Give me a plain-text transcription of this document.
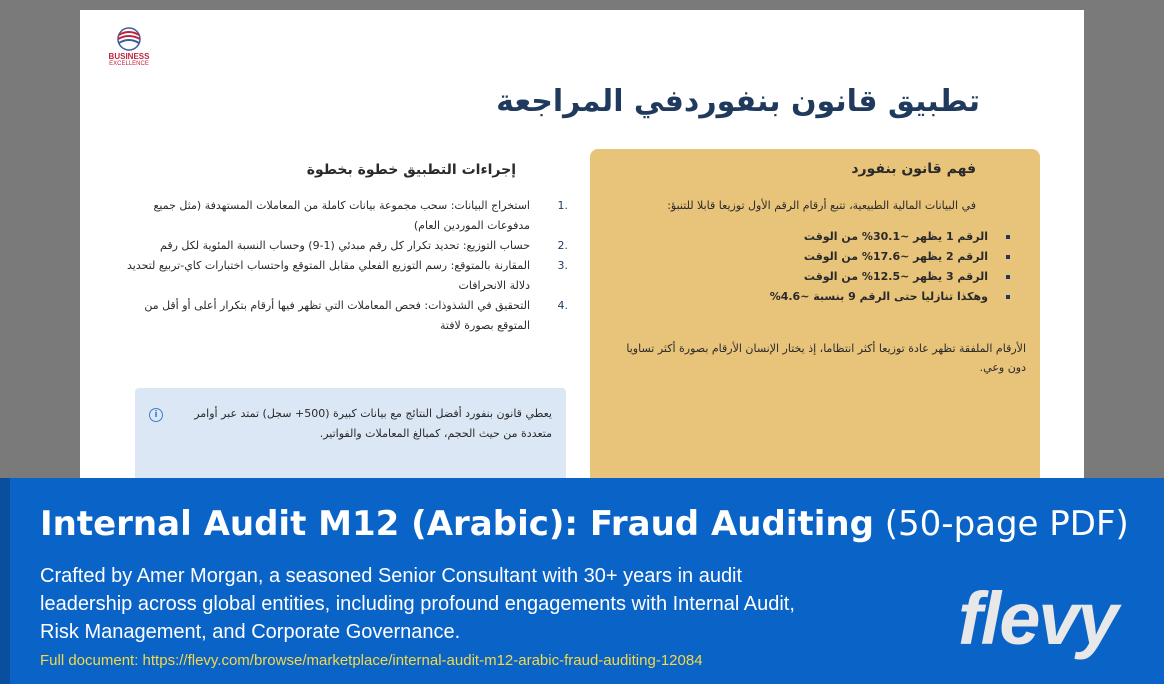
BUSINESS
EXCELLENCE
تطبيق قانون بنفوردفي المراجعة
فهم قانون بنفورد
في البيانات المالية الطبيعية، تتبع أرقام الرقم الأول توزيعا قابلا للتنبؤ:
الرقم 1 يظهر ~30.1% من الوقت
الرقم 2 يظهر ~17.6% من الوقت
الرقم 3 يظهر ~12.5% من الوقت
وهكذا تنازليا حتى الرقم 9 بنسبة ~4.6%
الأرقام الملفقة تظهر عادة توزيعا أكثر انتظاما، إذ يختار الإنسان الأرقام بصورة أكثر تساويا دون وعي.
إجراءات التطبيق خطوة بخطوة
1.
استخراج البيانات: سحب مجموعة بيانات كاملة من المعاملات المستهدفة (مثل جميع مدفوعات الموردين العام)
2.
حساب التوزيع: تحديد تكرار كل رقم مبدئي (1-9) وحساب النسبة المئوية لكل رقم
3.
المقارنة بالمتوقع: رسم التوزيع الفعلي مقابل المتوقع واحتساب اختبارات كاي-تربيع لتحديد دلالة الانحرافات
4.
التحقيق في الشذوذات: فحص المعاملات التي تظهر فيها أرقام بتكرار أعلى أو أقل من المتوقع بصورة لافتة
i	يعطي قانون بنفورد أفضل النتائج مع بيانات كبيرة (500+ سجل) تمتد عبر أوامر متعددة من حيث الحجم، كمبالغ المعاملات والفواتير.
Internal Audit M12 (Arabic): Fraud Auditing (50-page PDF)
Crafted by Amer Morgan, a seasoned Senior Consultant with 30+ years in audit leadership across global entities, including profound engagements with Internal Audit, Risk Management, and Corporate Governance.
Full document: https://flevy.com/browse/marketplace/internal-audit-m12-arabic-fraud-auditing-12084
flevy
